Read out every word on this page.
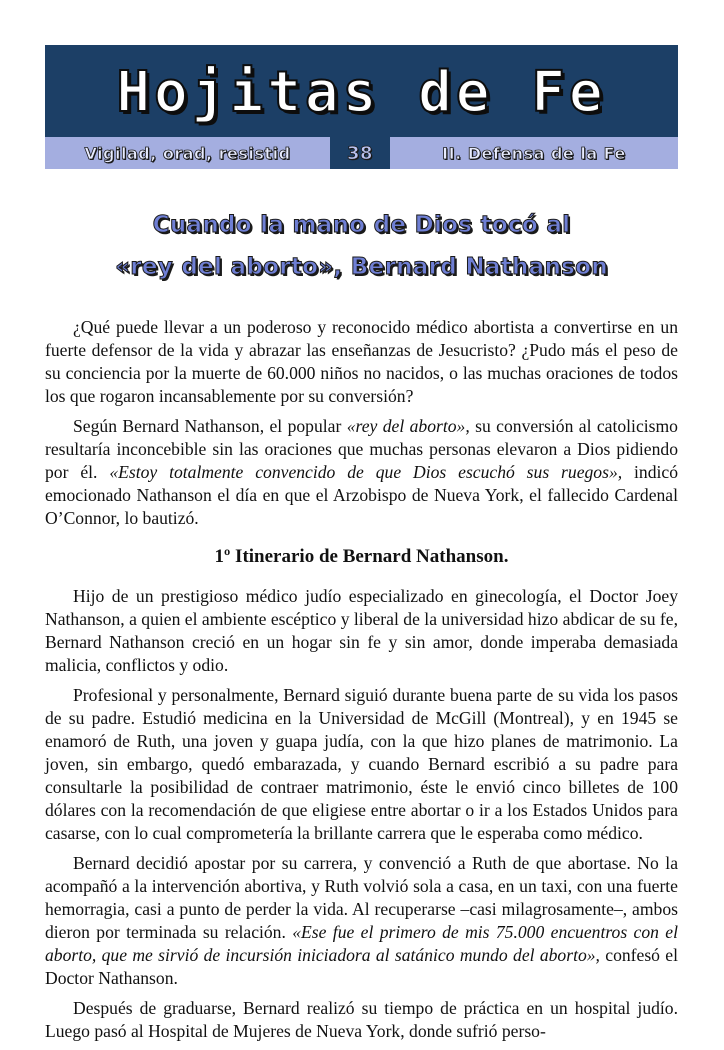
Hojitas de Fe
Vigilad, orad, resistid	38	II. Defensa de la Fe
Cuando la mano de Dios tocó al
«rey del aborto», Bernard Nathanson

¿Qué puede llevar a un poderoso y reconocido médico abortista a convertirse en un fuerte defensor de la vida y abrazar las enseñanzas de Jesucristo? ¿Pudo más el peso de su conciencia por la muerte de 60.000 niños no nacidos, o las muchas oraciones de todos los que rogaron incansablemente por su conversión?

Según Bernard Nathanson, el popular «rey del aborto», su conversión al catolicismo resultaría inconcebible sin las oraciones que muchas personas elevaron a Dios pidiendo por él. «Estoy totalmente convencido de que Dios escuchó sus ruegos», indicó emocionado Nathanson el día en que el Arzobispo de Nueva York, el fallecido Cardenal O’Connor, lo bautizó.

1º Itinerario de Bernard Nathanson.

Hijo de un prestigioso médico judío especializado en ginecología, el Doctor Joey Nathanson, a quien el ambiente escéptico y liberal de la universidad hizo abdicar de su fe, Bernard Nathanson creció en un hogar sin fe y sin amor, donde imperaba demasiada malicia, conflictos y odio.

Profesional y personalmente, Bernard siguió durante buena parte de su vida los pasos de su padre. Estudió medicina en la Universidad de McGill (Montreal), y en 1945 se enamoró de Ruth, una joven y guapa judía, con la que hizo planes de matrimonio. La joven, sin embargo, quedó embarazada, y cuando Bernard escribió a su padre para consultarle la posibilidad de contraer matrimonio, éste le envió cinco billetes de 100 dólares con la recomendación de que eligiese entre abortar o ir a los Estados Unidos para casarse, con lo cual comprometería la brillante carrera que le esperaba como médico.

Bernard decidió apostar por su carrera, y convenció a Ruth de que abortase. No la acompañó a la intervención abortiva, y Ruth volvió sola a casa, en un taxi, con una fuerte hemorragia, casi a punto de perder la vida. Al recuperarse –casi milagrosamente–, ambos dieron por terminada su relación. «Ese fue el primero de mis 75.000 encuentros con el aborto, que me sirvió de incursión iniciadora al satánico mundo del aborto», confesó el Doctor Nathanson.

Después de graduarse, Bernard realizó su tiempo de práctica en un hospital judío. Luego pasó al Hospital de Mujeres de Nueva York, donde sufrió perso-
